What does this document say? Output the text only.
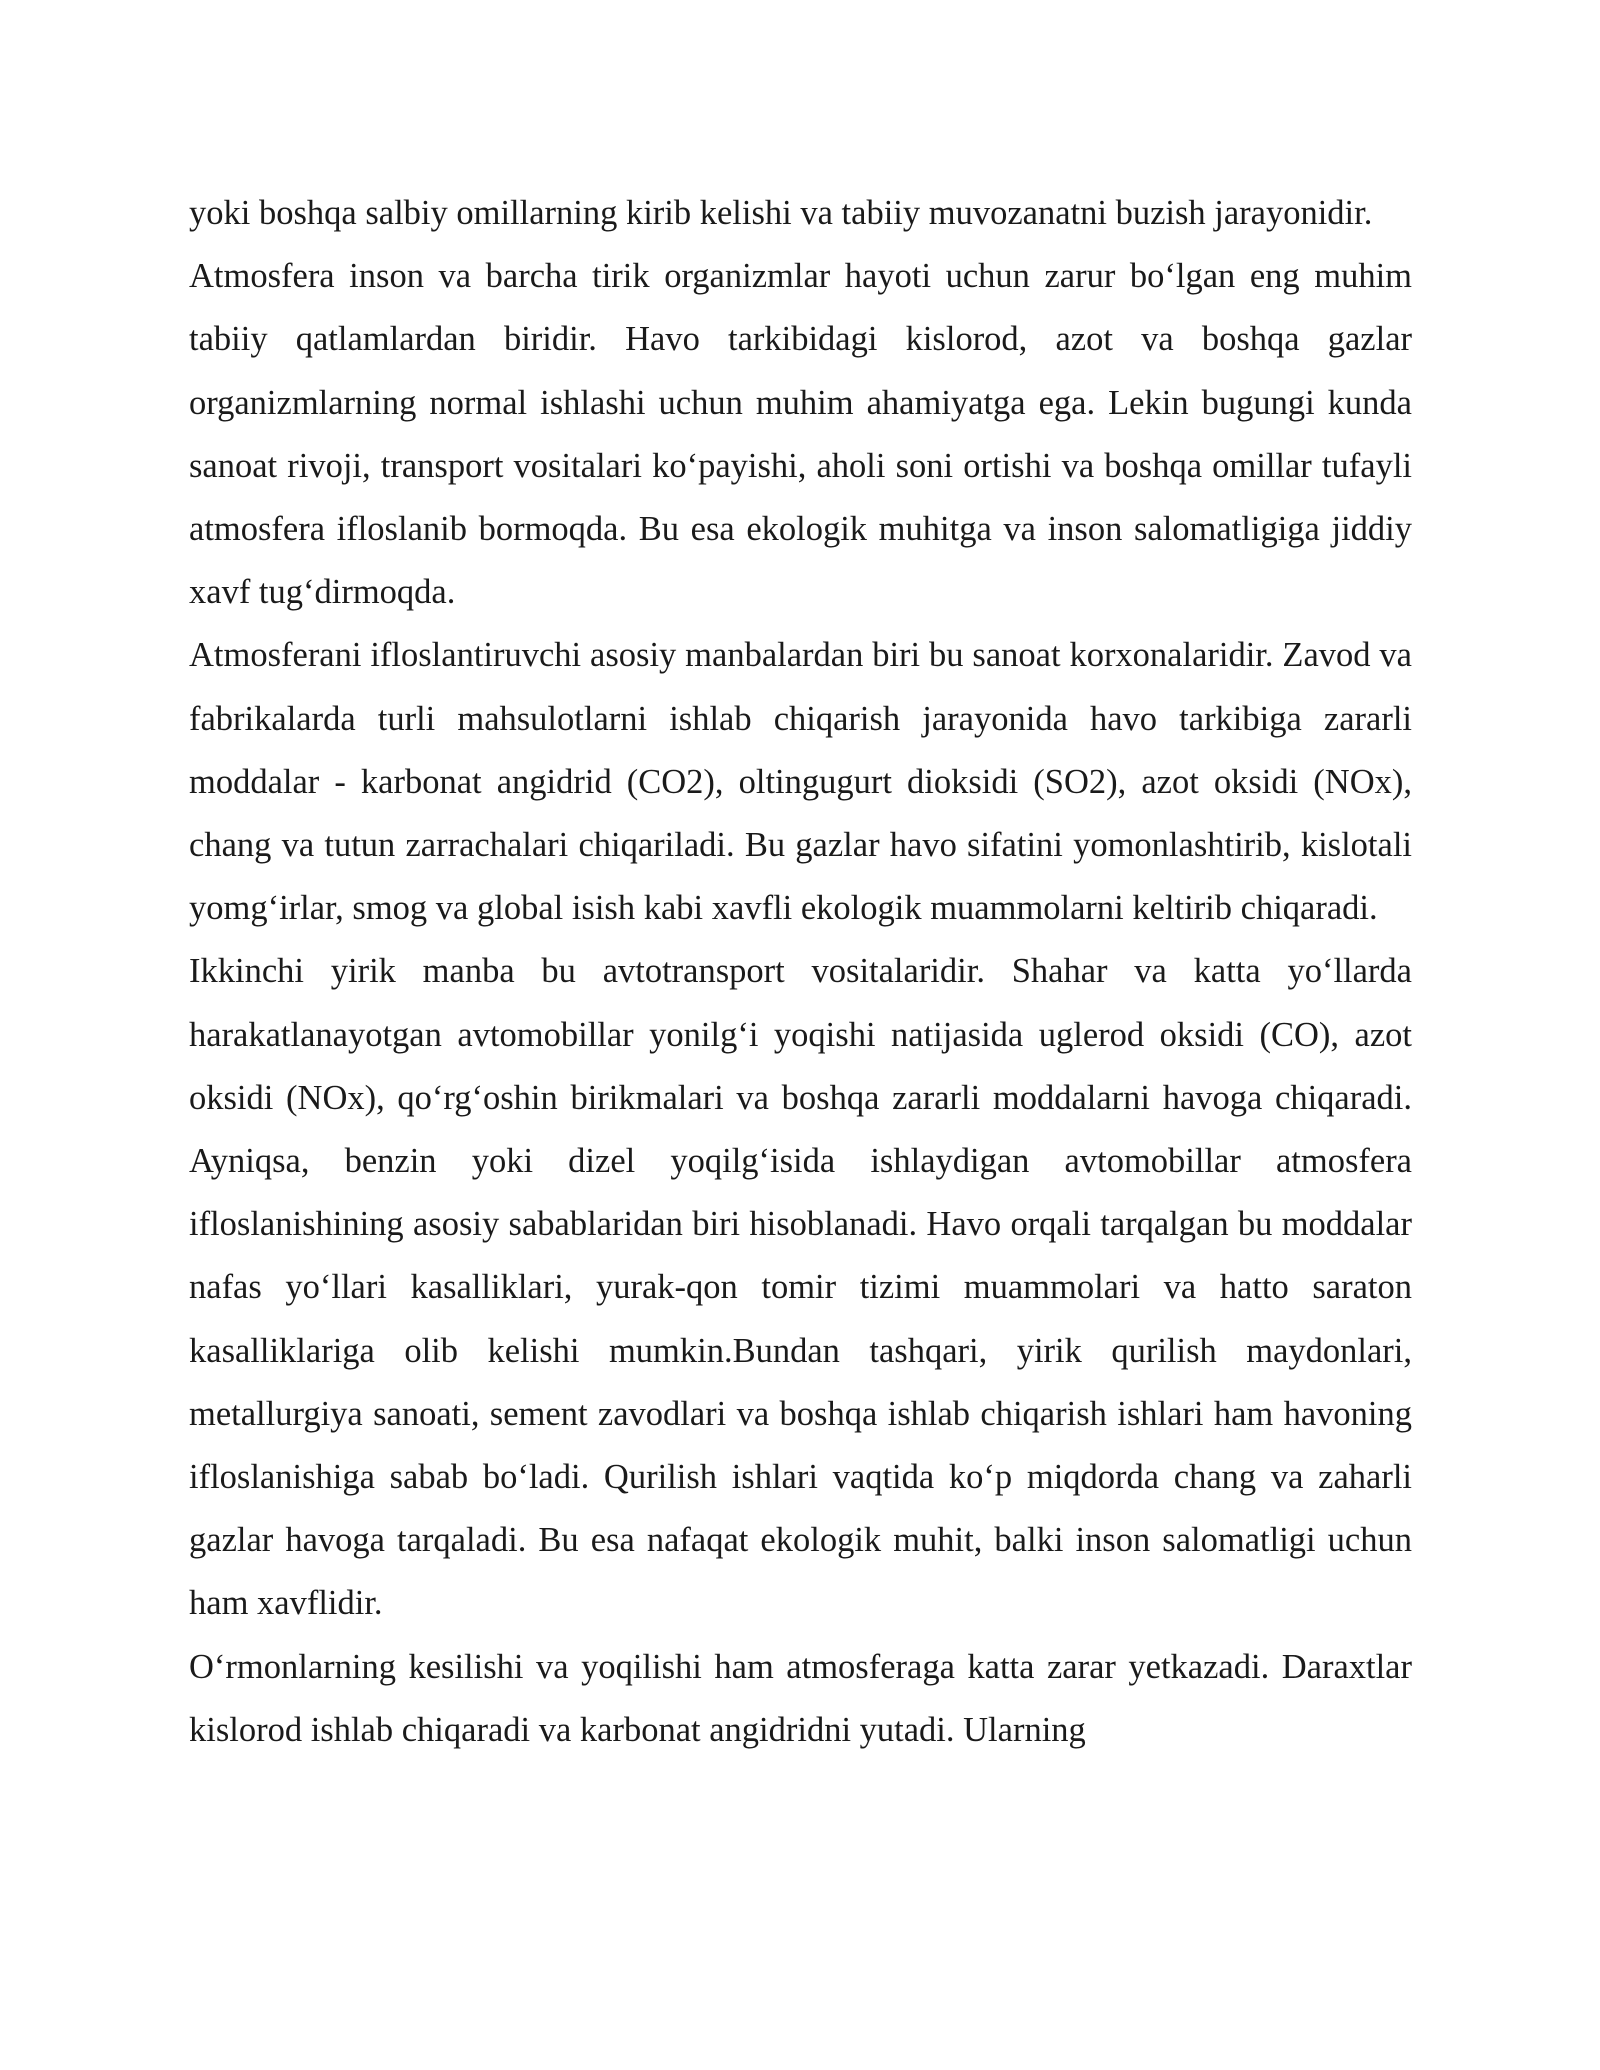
yoki boshqa salbiy omillarning kirib kelishi va tabiiy muvozanatni buzish jarayonidir.

Atmosfera inson va barcha tirik organizmlar hayoti uchun zarur bo‘lgan eng muhim tabiiy qatlamlardan biridir. Havo tarkibidagi kislorod, azot va boshqa gazlar organizmlarning normal ishlashi uchun muhim ahamiyatga ega. Lekin bugungi kunda sanoat rivoji, transport vositalari ko‘payishi, aholi soni ortishi va boshqa omillar tufayli atmosfera ifloslanib bormoqda. Bu esa ekologik muhitga va inson salomatligiga jiddiy xavf tug‘dirmoqda.

Atmosferani ifloslantiruvchi asosiy manbalardan biri bu sanoat korxonalaridir. Zavod va fabrikalarda turli mahsulotlarni ishlab chiqarish jarayonida havo tarkibiga zararli moddalar - karbonat angidrid (CO2), oltingugurt dioksidi (SO2), azot oksidi (NOx), chang va tutun zarrachalari chiqariladi. Bu gazlar havo sifatini yomonlashtirib, kislotali yomg‘irlar, smog va global isish kabi xavfli ekologik muammolarni keltirib chiqaradi.

Ikkinchi yirik manba bu avtotransport vositalaridir. Shahar va katta yo‘llarda harakatlanayotgan avtomobillar yonilg‘i yoqishi natijasida uglerod oksidi (CO), azot oksidi (NOx), qo‘rg‘oshin birikmalari va boshqa zararli moddalarni havoga chiqaradi. Ayniqsa, benzin yoki dizel yoqilg‘isida ishlaydigan avtomobillar atmosfera ifloslanishining asosiy sabablaridan biri hisoblanadi. Havo orqali tarqalgan bu moddalar nafas yo‘llari kasalliklari, yurak-qon tomir tizimi muammolari va hatto saraton kasalliklariga olib kelishi mumkin.Bundan tashqari, yirik qurilish maydonlari, metallurgiya sanoati, sement zavodlari va boshqa ishlab chiqarish ishlari ham havoning ifloslanishiga sabab bo‘ladi. Qurilish ishlari vaqtida ko‘p miqdorda chang va zaharli gazlar havoga tarqaladi. Bu esa nafaqat ekologik muhit, balki inson salomatligi uchun ham xavflidir.

O‘rmonlarning kesilishi va yoqilishi ham atmosferaga katta zarar yetkazadi. Daraxtlar kislorod ishlab chiqaradi va karbonat angidridni yutadi. Ularning
